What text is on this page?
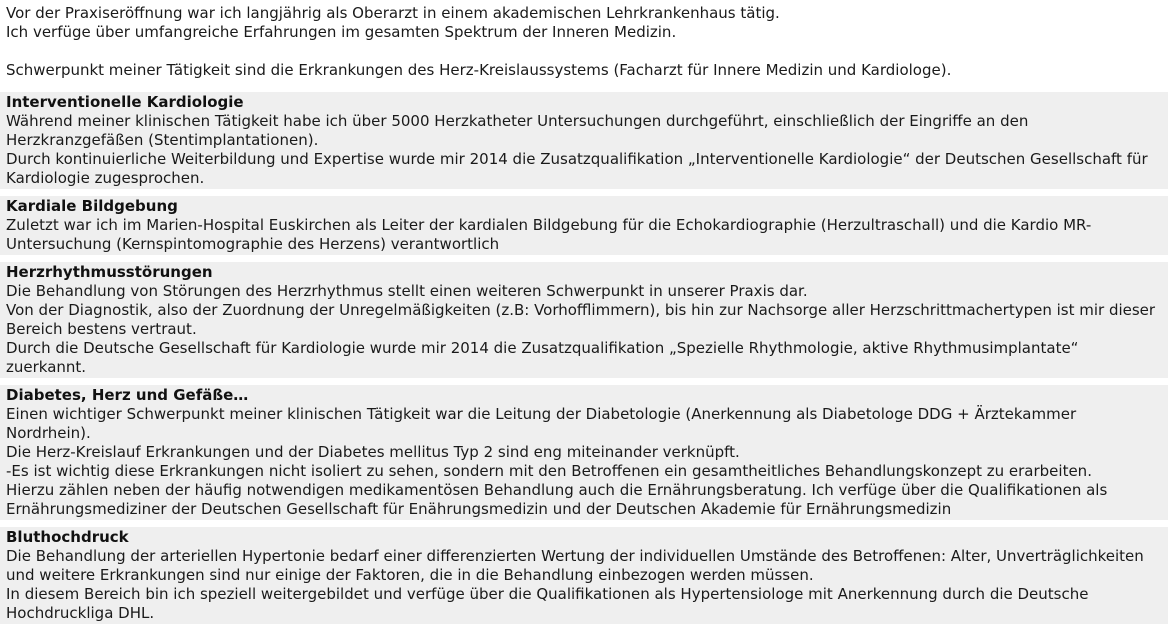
Vor der Praxiseröffnung war ich langjährig als Oberarzt in einem akademischen Lehrkrankenhaus tätig.

Ich verfüge über umfangreiche Erfahrungen im gesamten Spektrum der Inneren Medizin.

Schwerpunkt meiner Tätigkeit sind die Erkrankungen des Herz-Kreislaussystems (Facharzt für Innere Medizin und Kardiologe).

Interventionelle Kardiologie

Während meiner klinischen Tätigkeit habe ich über 5000 Herzkatheter Untersuchungen durchgeführt, einschließlich der Eingriffe an den Herzkranzgefäßen (Stentimplantationen).

Durch kontinuierliche Weiterbildung und Expertise wurde mir 2014 die Zusatzqualifikation „Interventionelle Kardiologie“ der Deutschen Gesellschaft für Kardiologie zugesprochen.

Kardiale Bildgebung

Zuletzt war ich im Marien-Hospital Euskirchen als Leiter der kardialen Bildgebung für die Echokardiographie (Herzultraschall) und die Kardio MR-Untersuchung (Kernspintomographie des Herzens) verantwortlich

Herzrhythmusstörungen

Die Behandlung von Störungen des Herzrhythmus stellt einen weiteren Schwerpunkt in unserer Praxis dar.

Von der Diagnostik, also der Zuordnung der Unregelmäßigkeiten (z.B: Vorhofflimmern), bis hin zur Nachsorge aller Herzschrittmachertypen ist mir dieser Bereich bestens vertraut.

Durch die Deutsche Gesellschaft für Kardiologie wurde mir 2014 die Zusatzqualifikation „Spezielle Rhythmologie, aktive Rhythmusimplantate“ zuerkannt.

Diabetes, Herz und Gefäße…

Einen wichtiger Schwerpunkt meiner klinischen Tätigkeit war die Leitung der Diabetologie (Anerkennung als Diabetologe DDG + Ärztekammer Nordrhein).

Die Herz-Kreislauf Erkrankungen und der Diabetes mellitus Typ 2 sind eng miteinander verknüpft.

-Es ist wichtig diese Erkrankungen nicht isoliert zu sehen, sondern mit den Betroffenen ein gesamtheitliches Behandlungskonzept zu erarbeiten.

Hierzu zählen neben der häufig notwendigen medikamentösen Behandlung auch die Ernährungsberatung. Ich verfüge über die Qualifikationen als Ernährungsmediziner der Deutschen Gesellschaft für Enährungsmedizin und der Deutschen Akademie für Ernährungsmedizin

Bluthochdruck

Die Behandlung der arteriellen Hypertonie bedarf einer differenzierten Wertung der individuellen Umstände des Betroffenen: Alter, Unverträglichkeiten und weitere Erkrankungen sind nur einige der Faktoren, die in die Behandlung einbezogen werden müssen.

In diesem Bereich bin ich speziell weitergebildet und verfüge über die Qualifikationen als Hypertensiologe mit Anerkennung durch die Deutsche Hochdruckliga DHL.
